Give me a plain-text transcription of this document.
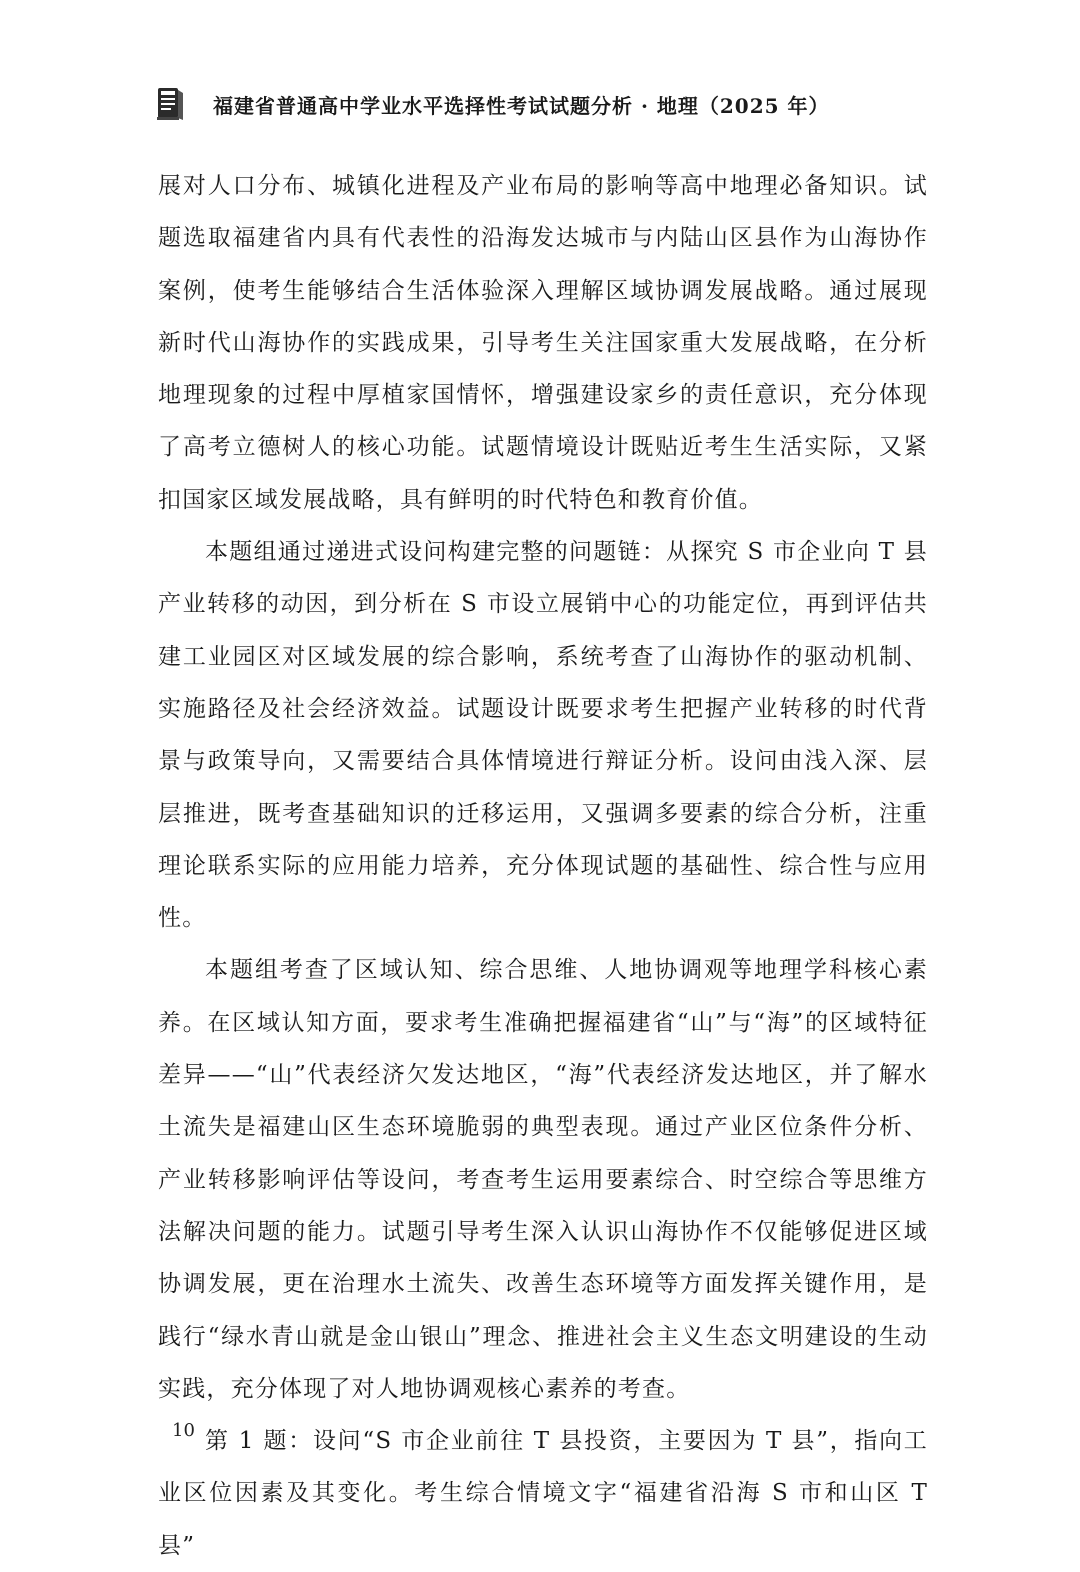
福建省普通高中学业水平选择性考试试题分析 · 地理（2025 年）

展对人口分布、城镇化进程及产业布局的影响等高中地理必备知识。试题选取福建省内具有代表性的沿海发达城市与内陆山区县作为山海协作案例，使考生能够结合生活体验深入理解区域协调发展战略。通过展现新时代山海协作的实践成果，引导考生关注国家重大发展战略，在分析地理现象的过程中厚植家国情怀，增强建设家乡的责任意识，充分体现了高考立德树人的核心功能。试题情境设计既贴近考生生活实际，又紧扣国家区域发展战略，具有鲜明的时代特色和教育价值。

本题组通过递进式设问构建完整的问题链：从探究 S 市企业向 T 县产业转移的动因，到分析在 S 市设立展销中心的功能定位，再到评估共建工业园区对区域发展的综合影响，系统考查了山海协作的驱动机制、实施路径及社会经济效益。试题设计既要求考生把握产业转移的时代背景与政策导向，又需要结合具体情境进行辩证分析。设问由浅入深、层层推进，既考查基础知识的迁移运用，又强调多要素的综合分析，注重理论联系实际的应用能力培养，充分体现试题的基础性、综合性与应用性。

本题组考查了区域认知、综合思维、人地协调观等地理学科核心素养。在区域认知方面，要求考生准确把握福建省“山”与“海”的区域特征差异——“山”代表经济欠发达地区，“海”代表经济发达地区，并了解水土流失是福建山区生态环境脆弱的典型表现。通过产业区位条件分析、产业转移影响评估等设问，考查考生运用要素综合、时空综合等思维方法解决问题的能力。试题引导考生深入认识山海协作不仅能够促进区域协调发展，更在治理水土流失、改善生态环境等方面发挥关键作用，是践行“绿水青山就是金山银山”理念、推进社会主义生态文明建设的生动实践，充分体现了对人地协调观核心素养的考查。

第 1 题：设问“S 市企业前往 T 县投资，主要因为 T 县”，指向工业区位因素及其变化。考生综合情境文字“福建省沿海 S 市和山区 T 县”

10
